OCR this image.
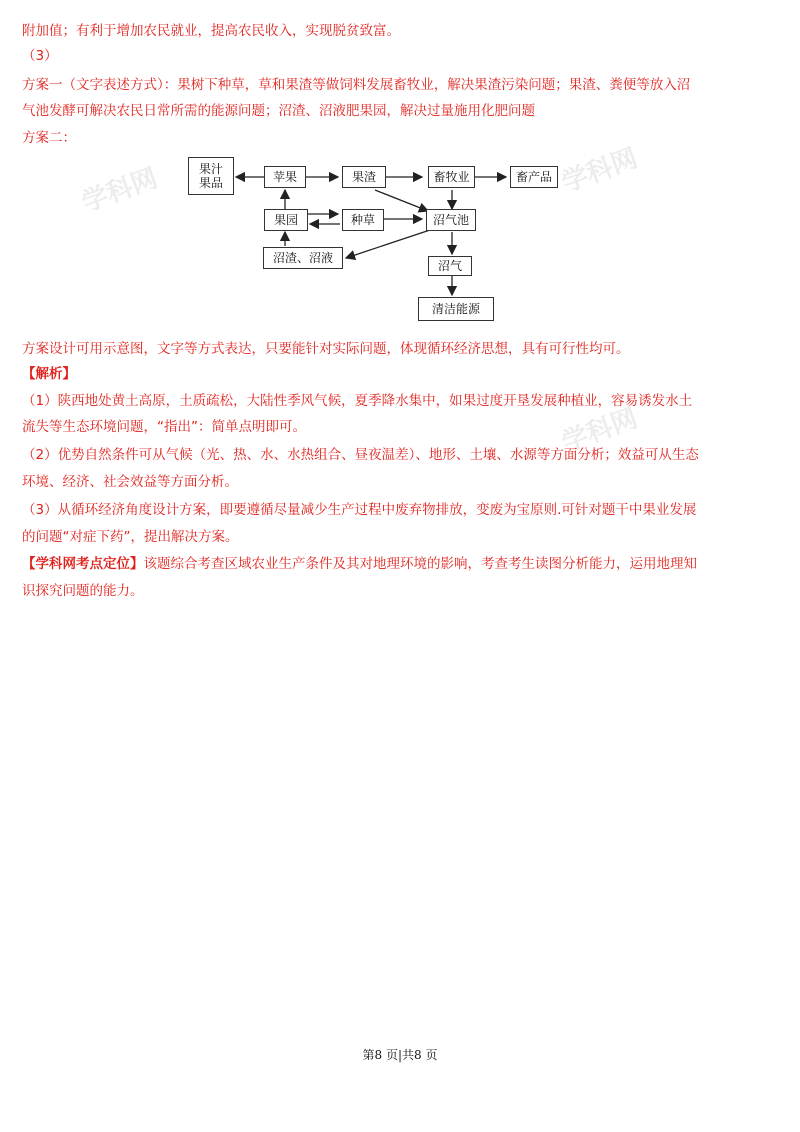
学科网	学科网
学科网
附加值；有利于增加农民就业，提高农民收入，实现脱贫致富。
（3）
方案一（文字表述方式）：果树下种草，草和果渣等做饲料发展畜牧业，解决果渣污染问题；果渣、粪便等放入沼
气池发酵可解决农民日常所需的能源问题；沼渣、沼液肥果园，解决过量施用化肥问题
方案二：
果汁
果品	苹果	果渣	畜牧业	畜产品
果园	种草	沼气池
沼渣、沼液
沼气
清洁能源
方案设计可用示意图，文字等方式表达，只要能针对实际问题，体现循环经济思想，具有可行性均可。
【解析】
（1）陕西地处黄土高原，土质疏松，大陆性季风气候，夏季降水集中，如果过度开垦发展种植业，容易诱发水土
流失等生态环境问题，“指出”：简单点明即可。
（2）优势自然条件可从气候（光、热、水、水热组合、昼夜温差）、地形、土壤、水源等方面分析；效益可从生态
环境、经济、社会效益等方面分析。
（3）从循环经济角度设计方案，即要遵循尽量减少生产过程中废弃物排放，变废为宝原则.可针对题干中果业发展
的问题“对症下药”，提出解决方案。
【学科网考点定位】该题综合考查区域农业生产条件及其对地理环境的影响，考查考生读图分析能力，运用地理知
识探究问题的能力。
第8 页|共8 页
